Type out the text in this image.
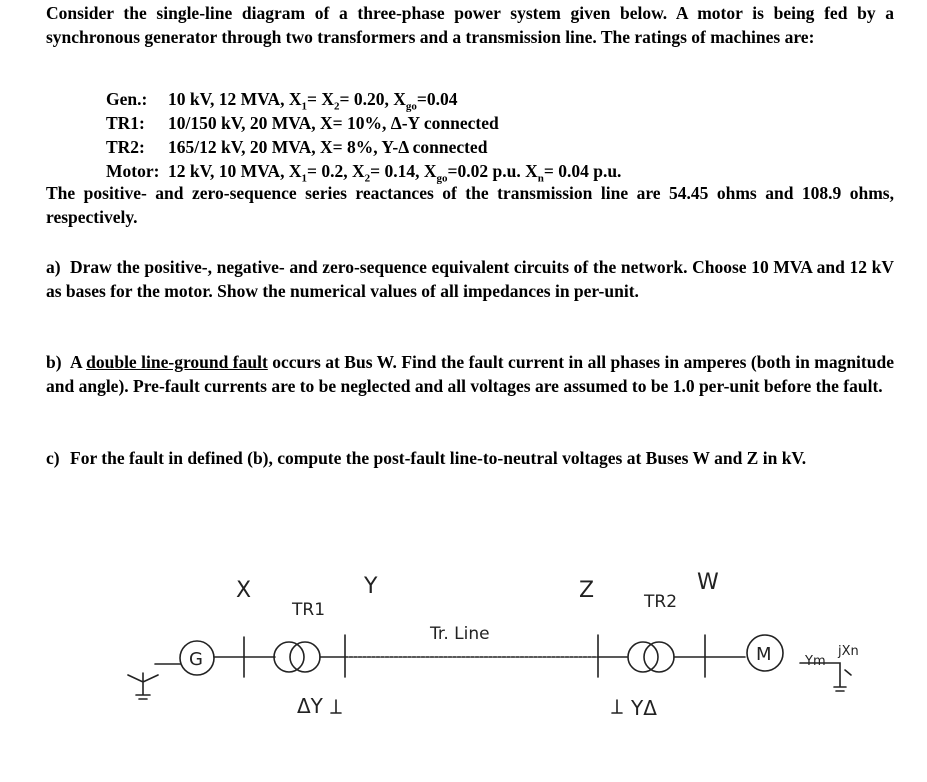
Consider the single-line diagram of a three-phase power system given below. A motor is being fed by a synchronous generator through two transformers and a transmission line. The ratings of machines are:
Gen.: 10 kV, 12 MVA, $X_1= X_2= 0.20$, $X_{go}=0.04$
TR1: 10/150 kV, 20 MVA, X= 10%, Δ-Y connected
TR2: 165/12 kV, 20 MVA, X= 8%, Y-Δ connected
Motor: 12 kV, 10 MVA, $X_1= 0.2$, $X_2= 0.14$, $X_{go}=0.02$ p.u. $X_n= 0.04$ p.u.
The positive- and zero-sequence series reactances of the transmission line are 54.45 ohms and 108.9 ohms, respectively.
a) Draw the positive-, negative- and zero-sequence equivalent circuits of the network. Choose 10 MVA and 12 kV as bases for the motor. Show the numerical values of all impedances in per-unit.
b) A double line-ground fault occurs at Bus W. Find the fault current in all phases in amperes (both in magnitude and angle). Pre-fault currents are to be neglected and all voltages are assumed to be 1.0 per-unit before the fault.
c) For the fault in defined (b), compute the post-fault line-to-neutral voltages at Buses W and Z in kV.
X	Y	Z	W
TR1	TR2
Tr. Line
G	M
ΔY	YΔ
jXn
Ym
